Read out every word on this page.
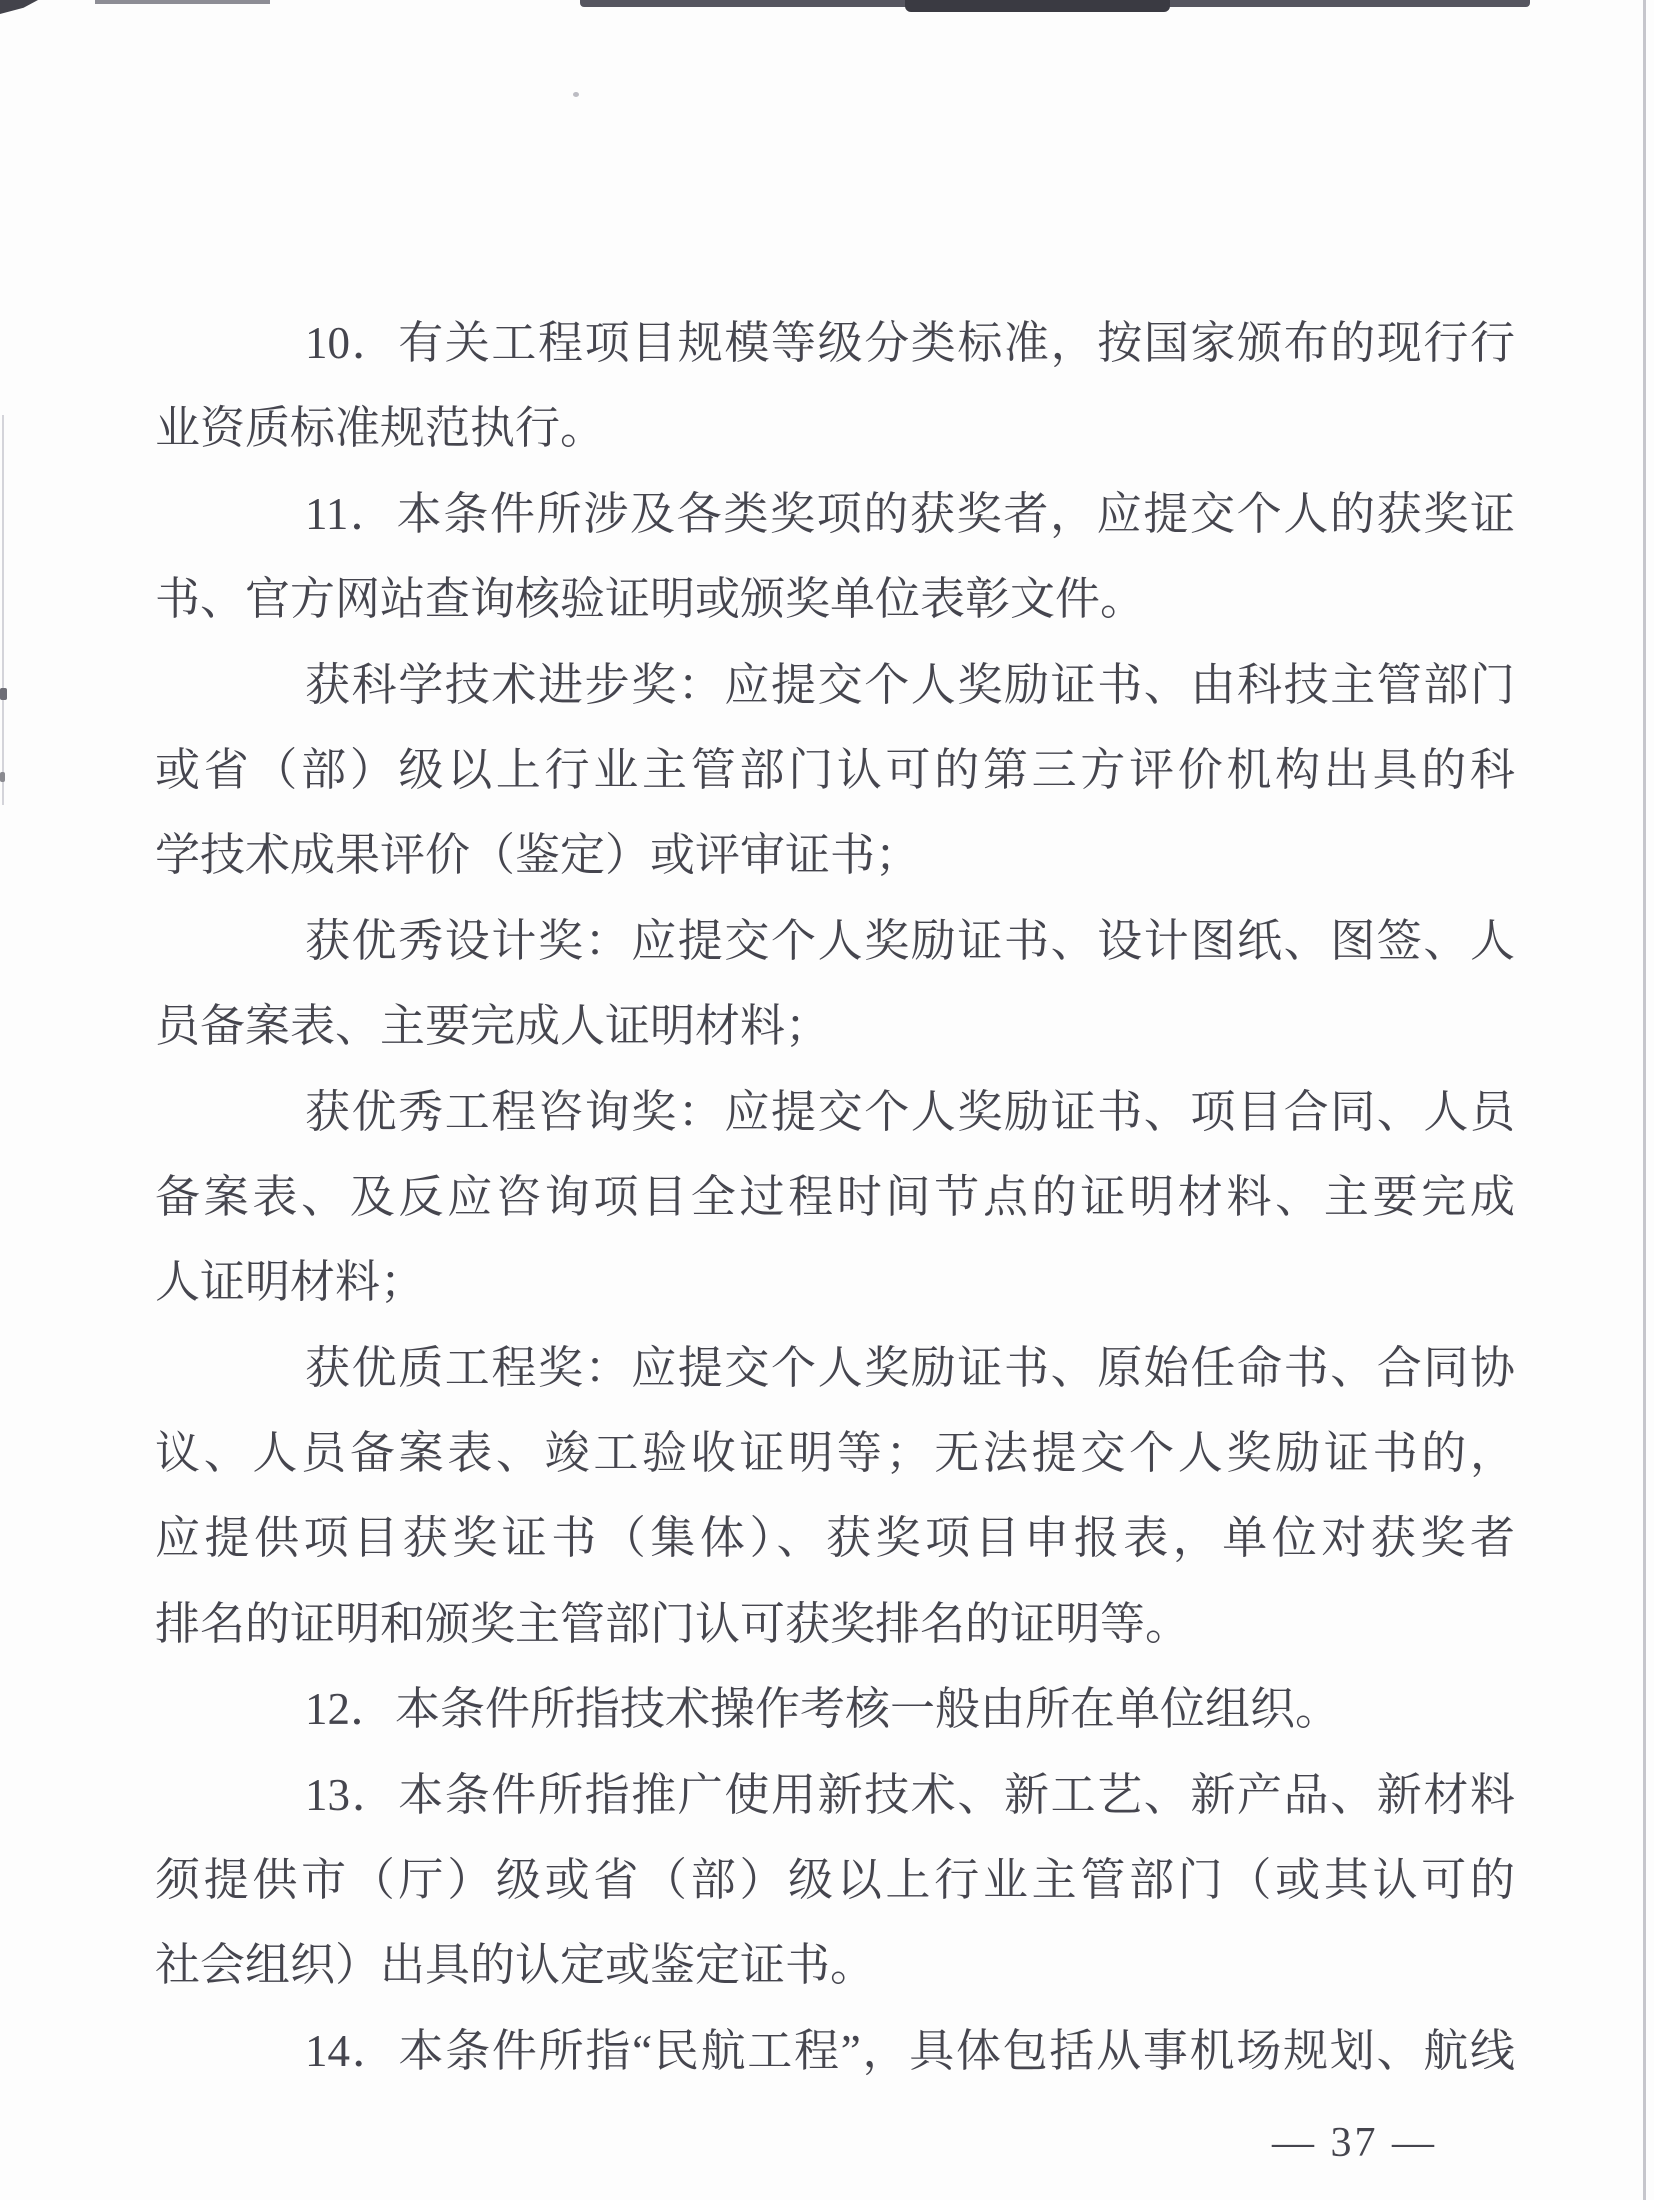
10．有关工程项目规模等级分类标准，按国家颁布的现行行
业资质标准规范执行。
11．本条件所涉及各类奖项的获奖者，应提交个人的获奖证
书、官方网站查询核验证明或颁奖单位表彰文件。
获科学技术进步奖：应提交个人奖励证书、由科技主管部门
或省（部）级以上行业主管部门认可的第三方评价机构出具的科
学技术成果评价（鉴定）或评审证书；
获优秀设计奖：应提交个人奖励证书、设计图纸、图签、人
员备案表、主要完成人证明材料；
获优秀工程咨询奖：应提交个人奖励证书、项目合同、人员
备案表、及反应咨询项目全过程时间节点的证明材料、主要完成
人证明材料；
获优质工程奖：应提交个人奖励证书、原始任命书、合同协
议、人员备案表、竣工验收证明等；无法提交个人奖励证书的，
应提供项目获奖证书（集体）、获奖项目申报表，单位对获奖者
排名的证明和颁奖主管部门认可获奖排名的证明等。
12．本条件所指技术操作考核一般由所在单位组织。
13．本条件所指推广使用新技术、新工艺、新产品、新材料
须提供市（厅）级或省（部）级以上行业主管部门（或其认可的
社会组织）出具的认定或鉴定证书。
14．本条件所指“民航工程”，具体包括从事机场规划、航线
— 37 —
